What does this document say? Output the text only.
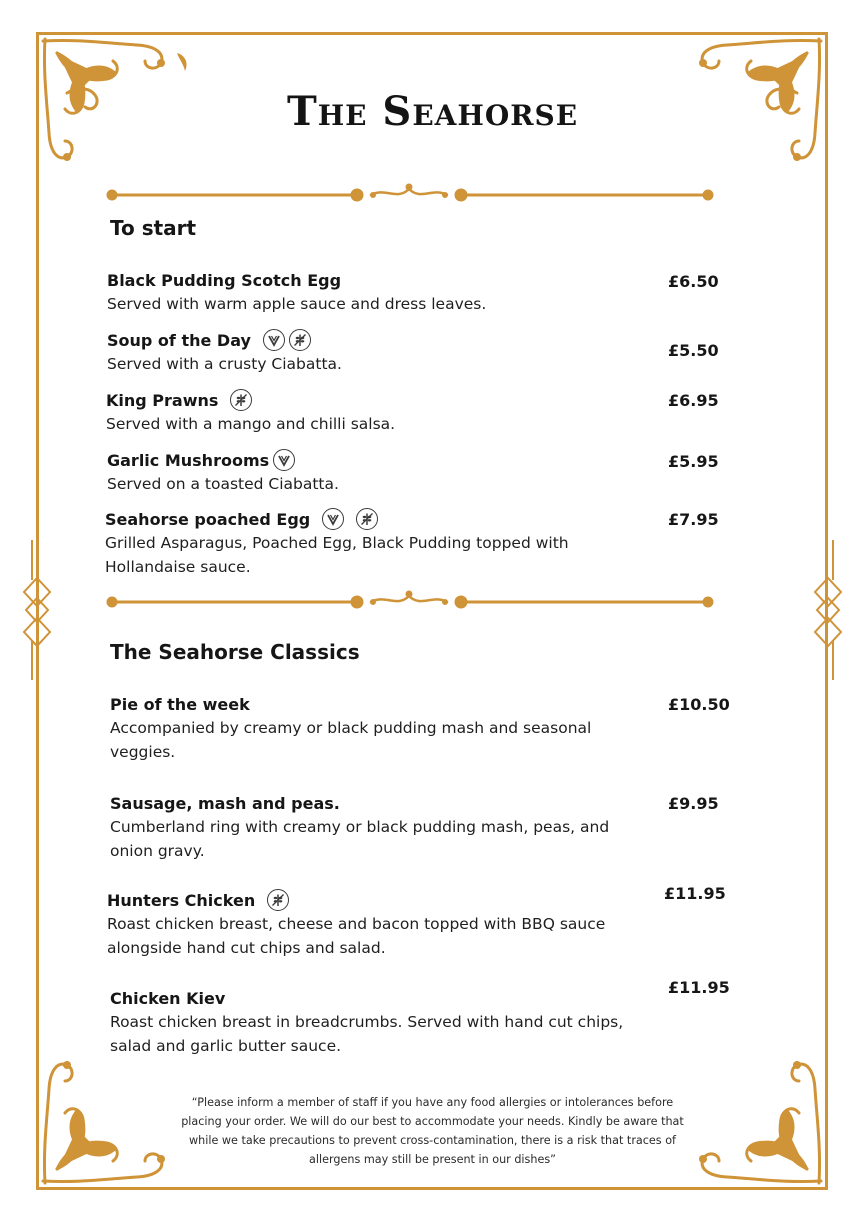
The Seahorse
To start
Black Pudding Scotch Egg
Served with warm apple sauce and dress leaves.
£6.50
Soup of the Day
Served with a crusty Ciabatta.
£5.50
King Prawns
Served with a mango and chilli salsa.
£6.95
Garlic Mushrooms
Served on a toasted Ciabatta.
£5.95
Seahorse poached Egg
Grilled Asparagus, Poached Egg, Black Pudding topped with Hollandaise sauce.
£7.95
The Seahorse Classics
Pie of the week
Accompanied by creamy or black pudding mash and seasonal veggies.
£10.50
Sausage, mash and peas.
Cumberland ring with creamy or black pudding mash, peas, and onion gravy.
£9.95
Hunters Chicken
Roast chicken breast, cheese and bacon topped with BBQ sauce alongside hand cut chips and salad.
£11.95
Chicken Kiev
Roast chicken breast in breadcrumbs. Served with hand cut chips, salad and garlic butter sauce.
£11.95

“Please inform a member of staff if you have any food allergies or intolerances before placing your order. We will do our best to accommodate your needs. Kindly be aware that while we take precautions to prevent cross-contamination, there is a risk that traces of allergens may still be present in our dishes”
